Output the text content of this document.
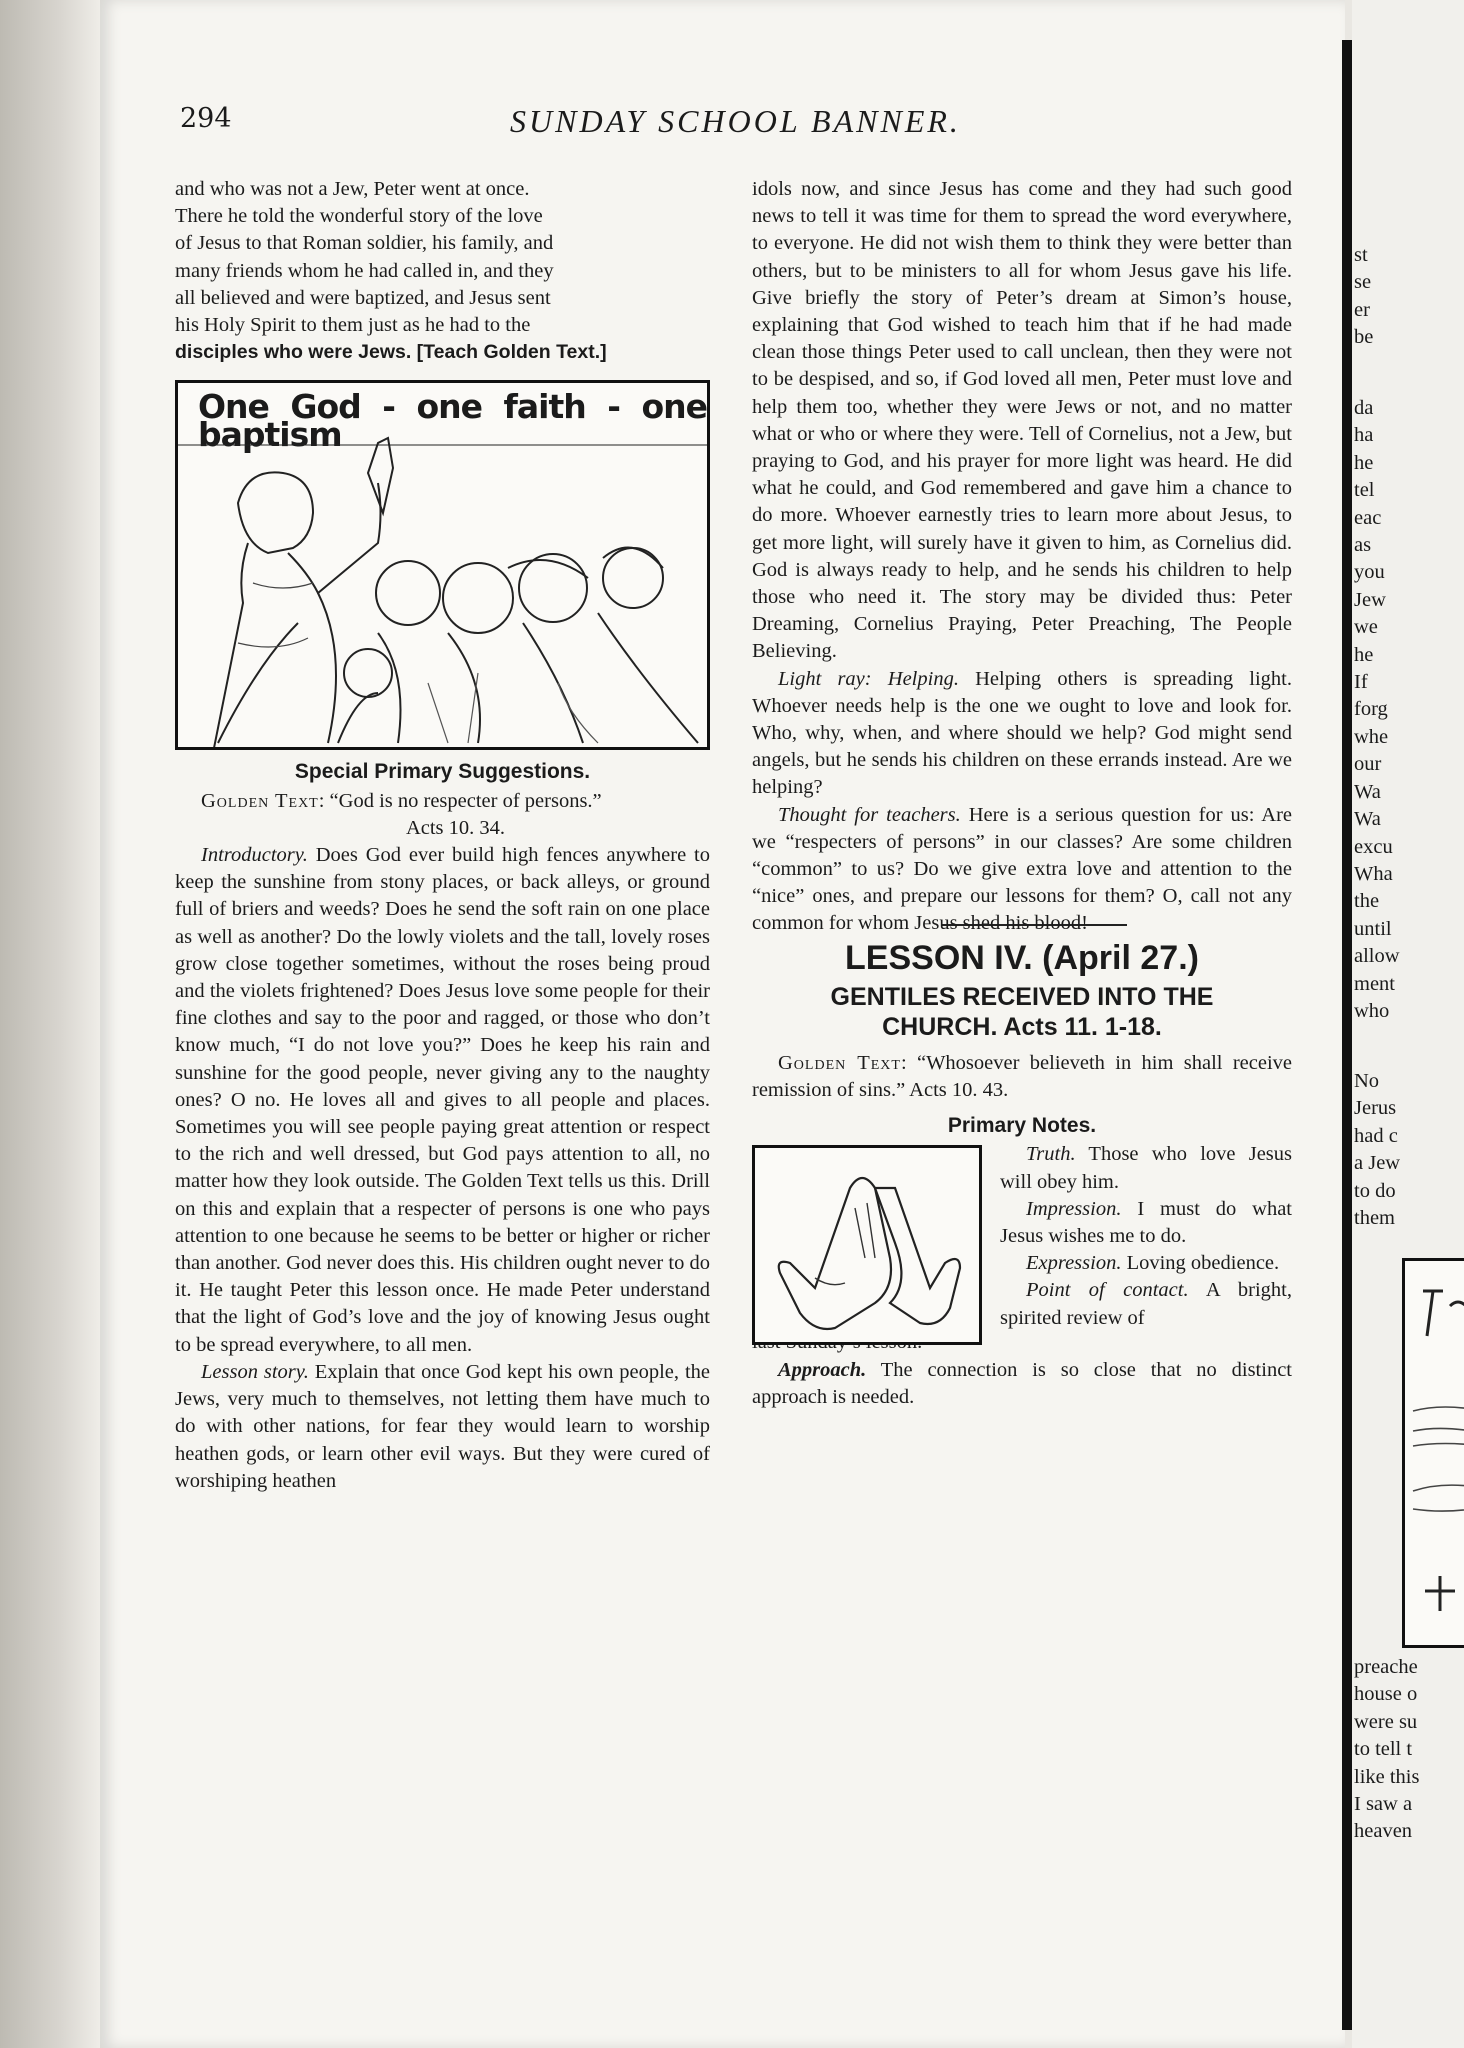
294	SUNDAY SCHOOL BANNER.

and who was not a Jew, Peter went at once.

There he told the wonderful story of the love

of Jesus to that Roman soldier, his family, and

many friends whom he had called in, and they

all believed and were baptized, and Jesus sent

his Holy Spirit to them just as he had to the

disciples who were Jews. [Teach Golden Text.]

One God - one faith - one baptism
Special Primary Suggestions.

Golden Text: “God is no respecter of persons.”
Acts 10. 34.

Introductory. Does God ever build high fences anywhere to keep the sunshine from stony places, or back alleys, or ground full of briers and weeds? Does he send the soft rain on one place as well as another? Do the lowly violets and the tall, lovely roses grow close together sometimes, without the roses being proud and the violets frightened? Does Jesus love some people for their fine clothes and say to the poor and ragged, or those who don’t know much, “I do not love you?” Does he keep his rain and sunshine for the good people, never giving any to the naughty ones? O no. He loves all and gives to all people and places. Sometimes you will see people paying great attention or respect to the rich and well dressed, but God pays attention to all, no matter how they look outside. The Golden Text tells us this. Drill on this and explain that a respecter of persons is one who pays attention to one because he seems to be better or higher or richer than another. God never does this. His children ought never to do it. He taught Peter this lesson once. He made Peter understand that the light of God’s love and the joy of knowing Jesus ought to be spread everywhere, to all men.

Lesson story. Explain that once God kept his own people, the Jews, very much to themselves, not letting them have much to do with other nations, for fear they would learn to worship heathen gods, or learn other evil ways. But they were cured of worshiping heathen

idols now, and since Jesus has come and they had such good news to tell it was time for them to spread the word everywhere, to everyone. He did not wish them to think they were better than others, but to be ministers to all for whom Jesus gave his life. Give briefly the story of Peter’s dream at Simon’s house, explaining that God wished to teach him that if he had made clean those things Peter used to call unclean, then they were not to be despised, and so, if God loved all men, Peter must love and help them too, whether they were Jews or not, and no matter what or who or where they were. Tell of Cornelius, not a Jew, but praying to God, and his prayer for more light was heard. He did what he could, and God remembered and gave him a chance to do more. Whoever earnestly tries to learn more about Jesus, to get more light, will surely have it given to him, as Cornelius did. God is always ready to help, and he sends his children to help those who need it. The story may be divided thus: Peter Dreaming, Cornelius Praying, Peter Preaching, The People Believing.

Light ray: Helping. Helping others is spreading light. Whoever needs help is the one we ought to love and look for. Who, why, when, and where should we help? God might send angels, but he sends his children on these errands instead. Are we helping?

Thought for teachers. Here is a serious question for us: Are we “respecters of persons” in our classes? Are some children “common” to us? Do we give extra love and attention to the “nice” ones, and prepare our lessons for them? O, call not any common for whom Jesus shed his blood!

LESSON IV. (April 27.)
GENTILES RECEIVED INTO THE
CHURCH. Acts 11. 1-18.

Golden Text: “Whosoever believeth in him shall receive remission of sins.” Acts 10. 43.

Primary Notes.

Truth. Those who love Jesus will obey him.

Impression. I must do what Jesus wishes me to do.

Expression. Loving obedience.

Point of contact. A bright, spirited review of

Approach. The connection is so close that no distinct approach is needed.

st
se
er
be
da
ha
he
tel
eac
as
you
Jew
we
he
If
forg
whe
our
Wa
Wa
excu
Wha
the
until
allow
ment
who
No
Jerus
had c
a Jew
to do
them
preache
house o
were su
to tell t
like this
I saw a
heaven
